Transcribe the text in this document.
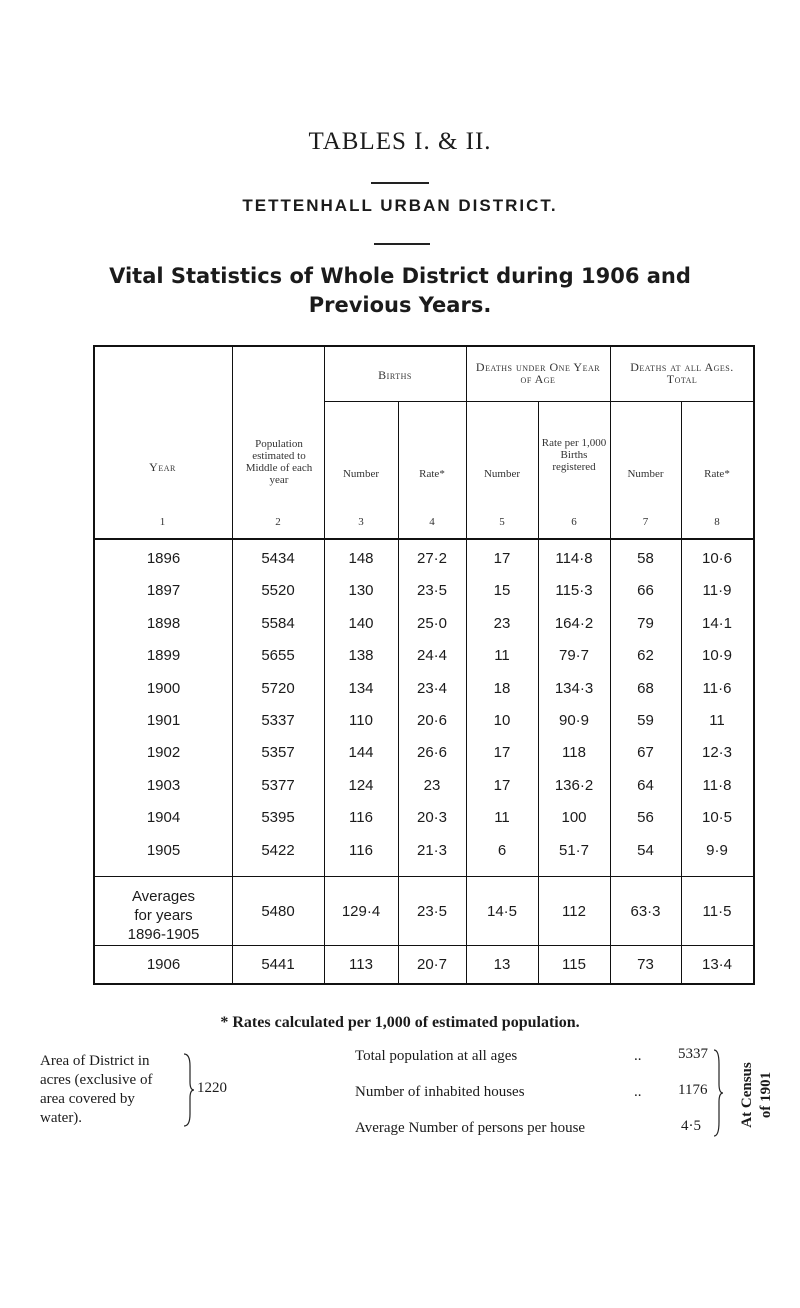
TABLES I. & II.
TETTENHALL URBAN DISTRICT.
Vital Statistics of Whole District during 1906 and
Previous Years.
Year
Population estimated to Middle of each year
Births
Deaths under One Year of Age
Deaths at all Ages. Total
Number	Rate*	Number
Rate per 1,000 Births registered
Number	Rate*
1	2	3	4	5	6	7	8
1896	5434	148	27·2	17	114·8	58	10·6
1897	5520	130	23·5	15	115·3	66	11·9
1898	5584	140	25·0	23	164·2	79	14·1
1899	5655	138	24·4	11	79·7	62	10·9
1900	5720	134	23·4	18	134·3	68	11·6
1901	5337	110	20·6	10	90·9	59	11
1902	5357	144	26·6	17	118	67	12·3
1903	5377	124	23	17	136·2	64	11·8
1904	5395	116	20·3	11	100	56	10·5
1905	5422	116	21·3	6	51·7	54	9·9
Averages
for years
1896-1905
5480	129·4	23·5	14·5	112	63·3	11·5
1906	5441	113	20·7	13	115	73	13·4
* Rates calculated per 1,000 of estimated population.
Area of District in
acres (exclusive of
area covered by
water).
1220
Total population at all ages	.. 5337
Number of inhabited houses	.. 1176
Average Number of persons per house	4·5	At Census of 1901
